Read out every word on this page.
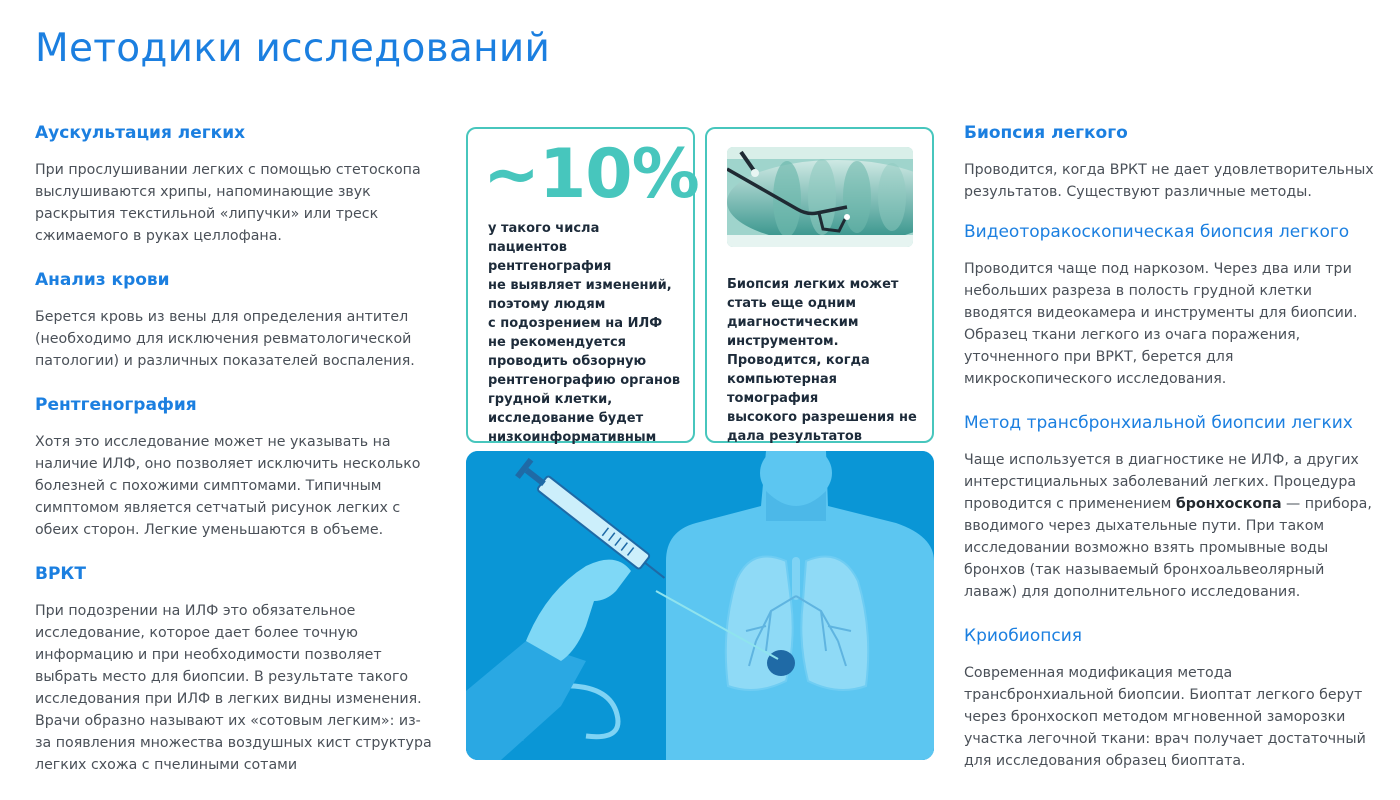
Методики исследований
Аускультация легких

При прослушивании легких с помощью стетоскопа выслушиваются хрипы, напоминающие звук раскрытия текстильной «липучки» или треск сжимаемого в руках целлофана.

Анализ крови

Берется кровь из вены для определения антител (необходимо для исключения ревматологической патологии) и различных показателей воспаления.

Рентгенография

Хотя это исследование может не указывать на наличие ИЛФ, оно позволяет исключить несколько болезней с похожими симптомами. Типичным симптомом является сетчатый рисунок легких с обеих сторон. Легкие уменьшаются в объеме.

ВРКТ

При подозрении на ИЛФ это обязательное исследование, которое дает более точную информацию и при необходимости позволяет выбрать место для биопсии. В результате такого исследования при ИЛФ в легких видны изменения. Врачи образно называют их «сотовым легким»: из-за появления множества воздушных кист структура легких схожа с пчелиными сотами

~10%
у такого числа
пациентов рентгенография
не выявляет изменений,
поэтому людям
с подозрением на ИЛФ
не рекомендуется
проводить обзорную
рентгенографию органов
грудной клетки,
исследование будет
низкоинформативным
Биопсия легких может
стать еще одним
диагностическим
инструментом.
Проводится, когда
компьютерная томография
высокого разрешения не
дала результатов
Биопсия легкого

Проводится, когда ВРКТ не дает удовлетворительных результатов. Существуют различные методы.

Видеоторакоскопическая биопсия легкого

Проводится чаще под наркозом. Через два или три небольших разреза в полость грудной клетки вводятся видеокамера и инструменты для биопсии. Образец ткани легкого из очага поражения, уточненного при ВРКТ, берется для микроскопического исследования.

Метод трансбронхиальной биопсии легких

Чаще используется в диагностике не ИЛФ, а других интерстициальных заболеваний легких. Процедура проводится с применением бронхоскопа — прибора, вводимого через дыхательные пути. При таком исследовании возможно взять промывные воды бронхов (так называемый бронхоальвеолярный лаваж) для дополнительного исследования.

Криобиопсия

Современная модификация метода трансбронхиальной биопсии. Биоптат легкого берут через бронхоскоп методом мгновенной заморозки участка легочной ткани: врач получает достаточный для исследования образец биоптата.
